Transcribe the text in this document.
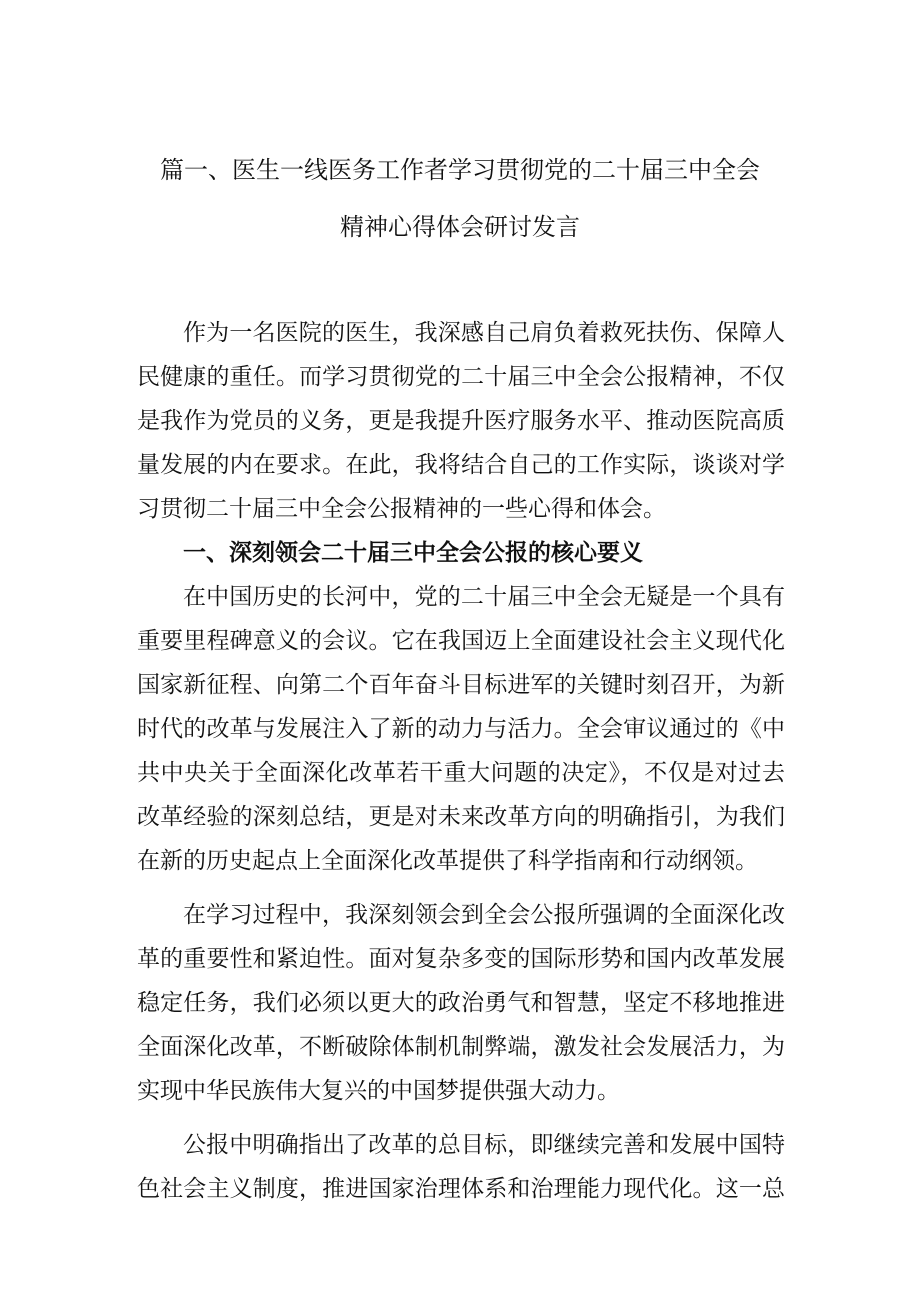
篇一、医生一线医务工作者学习贯彻党的二十届三中全会
精神心得体会研讨发言
作为一名医院的医生，我深感自己肩负着救死扶伤、保障人
民健康的重任。而学习贯彻党的二十届三中全会公报精神，不仅
是我作为党员的义务，更是我提升医疗服务水平、推动医院高质
量发展的内在要求。在此，我将结合自己的工作实际，谈谈对学
习贯彻二十届三中全会公报精神的一些心得和体会。
一、深刻领会二十届三中全会公报的核心要义
在中国历史的长河中，党的二十届三中全会无疑是一个具有
重要里程碑意义的会议。它在我国迈上全面建设社会主义现代化
国家新征程、向第二个百年奋斗目标进军的关键时刻召开，为新
时代的改革与发展注入了新的动力与活力。全会审议通过的《中
共中央关于全面深化改革若干重大问题的决定》，不仅是对过去
改革经验的深刻总结，更是对未来改革方向的明确指引，为我们
在新的历史起点上全面深化改革提供了科学指南和行动纲领。
在学习过程中，我深刻领会到全会公报所强调的全面深化改
革的重要性和紧迫性。面对复杂多变的国际形势和国内改革发展
稳定任务，我们必须以更大的政治勇气和智慧，坚定不移地推进
全面深化改革，不断破除体制机制弊端，激发社会发展活力，为
实现中华民族伟大复兴的中国梦提供强大动力。
公报中明确指出了改革的总目标，即继续完善和发展中国特
色社会主义制度，推进国家治理体系和治理能力现代化。这一总
